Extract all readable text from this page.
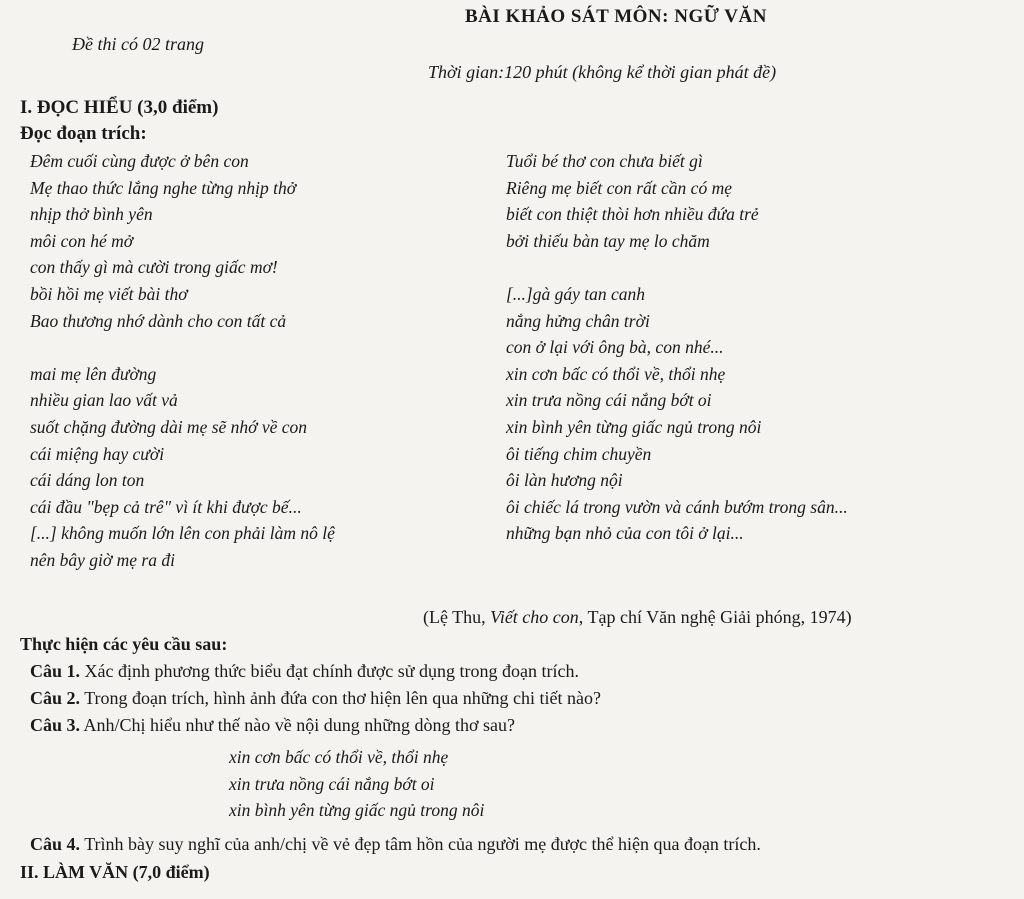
BÀI KHẢO SÁT MÔN: NGỮ VĂN
Đề thi có 02 trang
Thời gian:120 phút (không kể thời gian phát đề)
I. ĐỌC HIỂU (3,0 điểm)
Đọc đoạn trích:
Đêm cuối cùng được ở bên con
Mẹ thao thức lắng nghe từng nhịp thở
nhịp thở bình yên
môi con hé mở
con thấy gì mà cười trong giấc mơ!
bồi hồi mẹ viết bài thơ
Bao thương nhớ dành cho con tất cả
mai mẹ lên đường
nhiều gian lao vất vả
suốt chặng đường dài mẹ sẽ nhớ về con
cái miệng hay cười
cái dáng lon ton
cái đầu "bẹp cả trê" vì ít khi được bế...
[...] không muốn lớn lên con phải làm nô lệ
nên bây giờ mẹ ra đi
Tuổi bé thơ con chưa biết gì
Riêng mẹ biết con rất cần có mẹ
biết con thiệt thòi hơn nhiều đứa trẻ
bởi thiếu bàn tay mẹ lo chăm
[...]gà gáy tan canh
nắng hửng chân trời
con ở lại với ông bà, con nhé...
xin cơn bấc có thổi về, thổi nhẹ
xin trưa nồng cái nắng bớt oi
xin bình yên từng giấc ngủ trong nôi
ôi tiếng chim chuyền
ôi làn hương nội
ôi chiếc lá trong vườn và cánh bướm trong sân...
những bạn nhỏ của con tôi ở lại...
(Lệ Thu, Viết cho con, Tạp chí Văn nghệ Giải phóng, 1974)
Thực hiện các yêu cầu sau:
Câu 1. Xác định phương thức biểu đạt chính được sử dụng trong đoạn trích.
Câu 2. Trong đoạn trích, hình ảnh đứa con thơ hiện lên qua những chi tiết nào?
Câu 3. Anh/Chị hiểu như thế nào về nội dung những dòng thơ sau?
xin cơn bấc có thổi về, thổi nhẹ
xin trưa nồng cái nắng bớt oi
xin bình yên từng giấc ngủ trong nôi
Câu 4. Trình bày suy nghĩ của anh/chị về vẻ đẹp tâm hồn của người mẹ được thể hiện qua đoạn trích.
II. LÀM VĂN (7,0 điểm)
